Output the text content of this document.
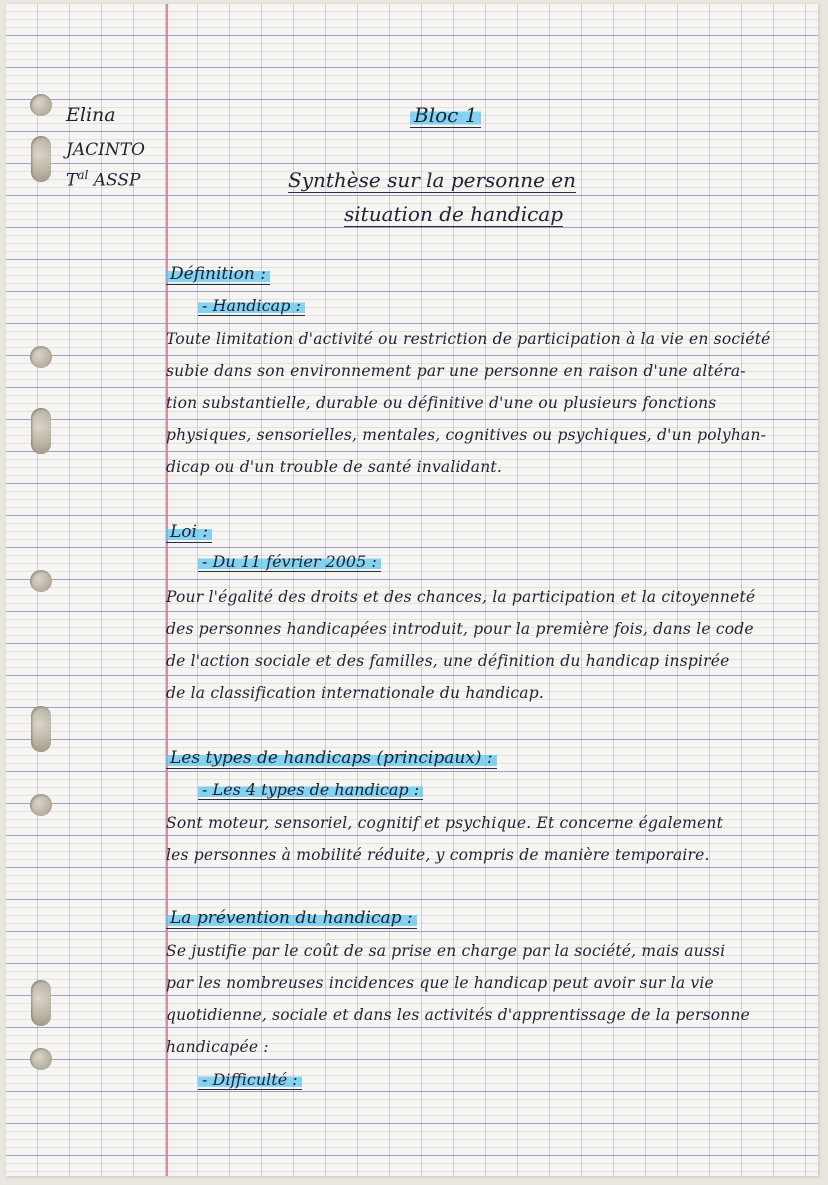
Elina
JACINTO
$T^{al}$ ASSP
Bloc 1
Synthèse sur la personne en
situation de handicap
Définition :
- Handicap :
Toute limitation d'activité ou restriction de participation à la vie en société
subie dans son environnement par une personne en raison d'une altéra-
tion substantielle, durable ou définitive d'une ou plusieurs fonctions
physiques, sensorielles, mentales, cognitives ou psychiques, d'un polyhan-
dicap ou d'un trouble de santé invalidant.
Loi :
- Du 11 février 2005 :
Pour l'égalité des droits et des chances, la participation et la citoyenneté
des personnes handicapées introduit, pour la première fois, dans le code
de l'action sociale et des familles, une définition du handicap inspirée
de la classification internationale du handicap.
Les types de handicaps (principaux) :
- Les 4 types de handicap :
Sont moteur, sensoriel, cognitif et psychique. Et concerne également
les personnes à mobilité réduite, y compris de manière temporaire.
La prévention du handicap :
Se justifie par le coût de sa prise en charge par la société, mais aussi
par les nombreuses incidences que le handicap peut avoir sur la vie
quotidienne, sociale et dans les activités d'apprentissage de la personne
handicapée :
- Difficulté :
